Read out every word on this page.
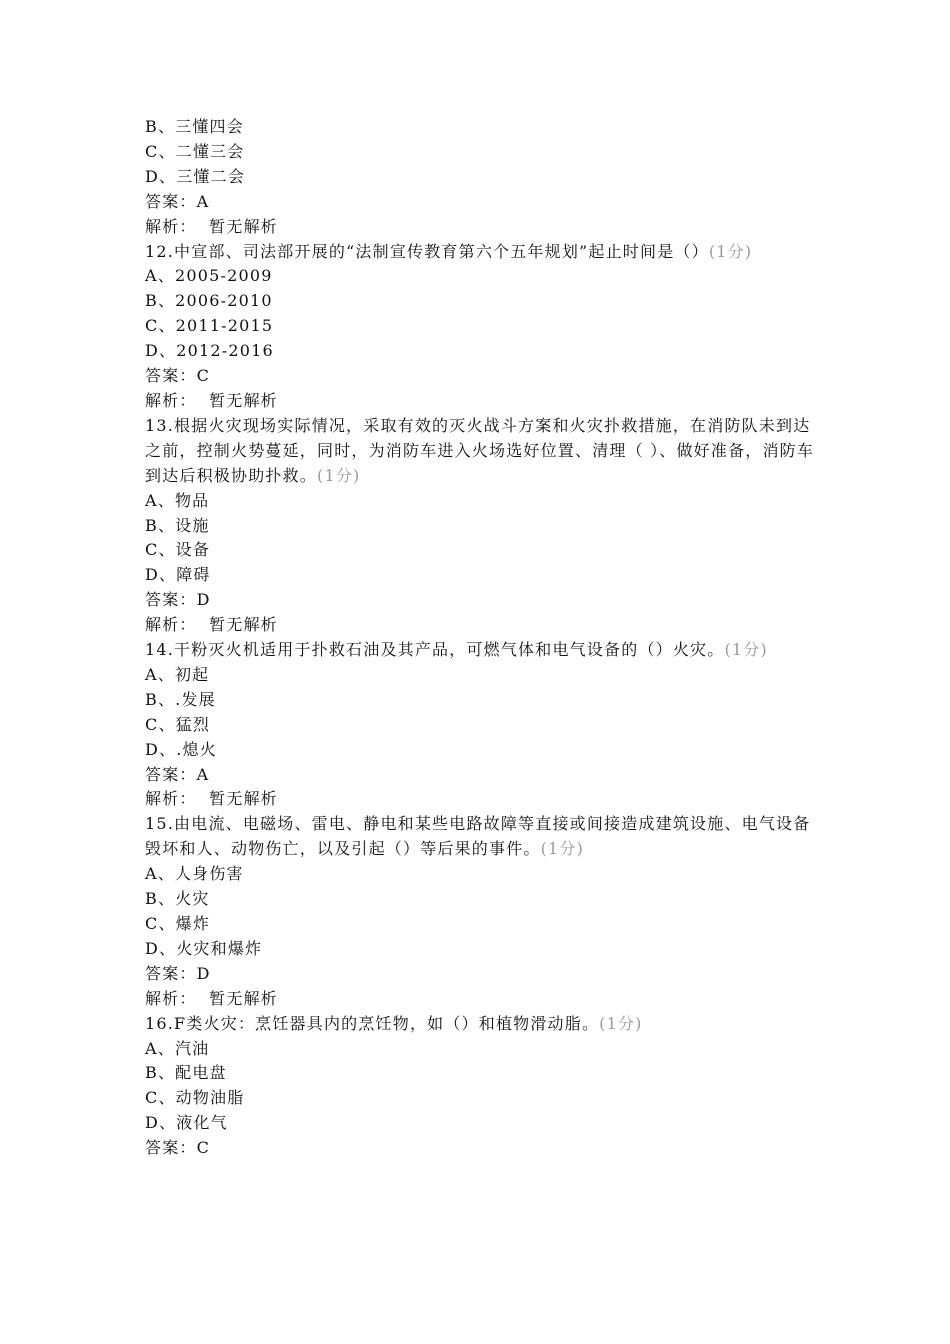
B、三懂四会
C、二懂三会
D、三懂二会
答案：A
解析：  暂无解析
12.中宣部、司法部开展的“法制宣传教育第六个五年规划”起止时间是（）(1分)
A、2005-2009
B、2006-2010
C、2011-2015
D、2012-2016
答案：C
解析：  暂无解析
13.根据火灾现场实际情况，采取有效的灭火战斗方案和火灾扑救措施，在消防队未到达之前，控制火势蔓延，同时，为消防车进入火场选好位置、清理（ ）、做好准备，消防车到达后积极协助扑救。(1分)
A、物品
B、设施
C、设备
D、障碍
答案：D
解析：  暂无解析
14.干粉灭火机适用于扑救石油及其产品，可燃气体和电气设备的（）火灾。(1分)
A、初起
B、.发展
C、猛烈
D、.熄火
答案：A
解析：  暂无解析
15.由电流、电磁场、雷电、静电和某些电路故障等直接或间接造成建筑设施、电气设备毁坏和人、动物伤亡，以及引起（）等后果的事件。(1分)
A、人身伤害
B、火灾
C、爆炸
D、火灾和爆炸
答案：D
解析：  暂无解析
16.F类火灾：烹饪器具内的烹饪物，如（）和植物滑动脂。(1分)
A、汽油
B、配电盘
C、动物油脂
D、液化气
答案：C
